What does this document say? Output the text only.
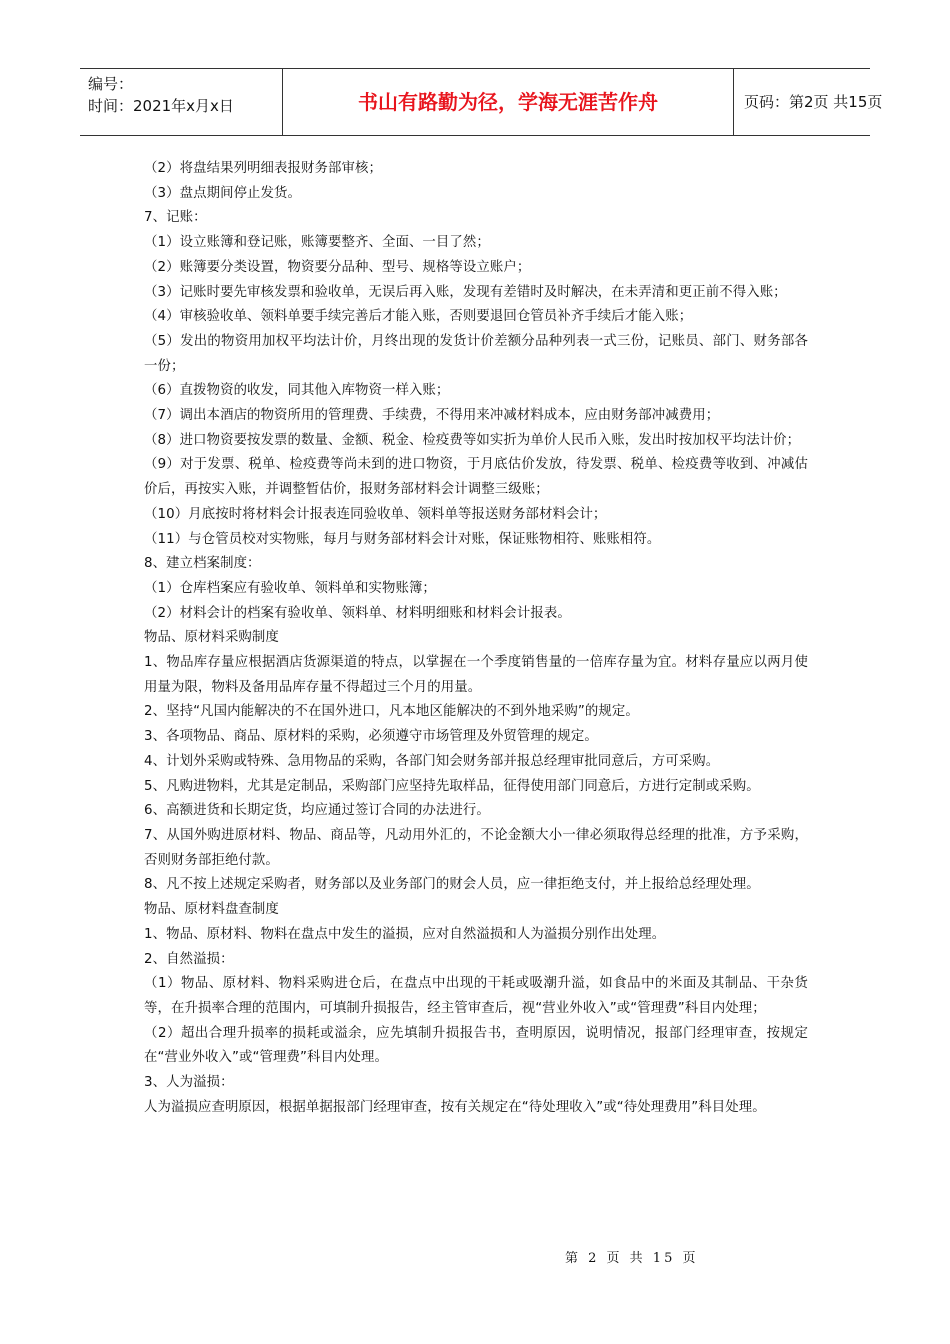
编号：
时间：2021年x月x日	书山有路勤为径，学海无涯苦作舟	页码：第2页 共15页

（2）将盘结果列明细表报财务部审核；

（3）盘点期间停止发货。

7、记账：

（1）设立账簿和登记账，账簿要整齐、全面、一目了然；

（2）账簿要分类设置，物资要分品种、型号、规格等设立账户；

（3）记账时要先审核发票和验收单，无误后再入账，发现有差错时及时解决，在未弄清和更正前不得入账；

（4）审核验收单、领料单要手续完善后才能入账，否则要退回仓管员补齐手续后才能入账；

（5）发出的物资用加权平均法计价，月终出现的发货计价差额分品种列表一式三份，记账员、部门、财务部各一份；

（6）直拨物资的收发，同其他入库物资一样入账；

（7）调出本酒店的物资所用的管理费、手续费，不得用来冲减材料成本，应由财务部冲减费用；

（8）进口物资要按发票的数量、金额、税金、检疫费等如实折为单价人民币入账，发出时按加权平均法计价；

（9）对于发票、税单、检疫费等尚未到的进口物资，于月底估价发放，待发票、税单、检疫费等收到、冲减估价后，再按实入账，并调整暂估价，报财务部材料会计调整三级账；

（10）月底按时将材料会计报表连同验收单、领料单等报送财务部材料会计；

（11）与仓管员校对实物账，每月与财务部材料会计对账，保证账物相符、账账相符。

8、建立档案制度：

（1）仓库档案应有验收单、领料单和实物账簿；

（2）材料会计的档案有验收单、领料单、材料明细账和材料会计报表。

物品、原材料采购制度

1、物品库存量应根据酒店货源渠道的特点，以掌握在一个季度销售量的一倍库存量为宜。材料存量应以两月使用量为限，物料及备用品库存量不得超过三个月的用量。

2、坚持“凡国内能解决的不在国外进口，凡本地区能解决的不到外地采购”的规定。

3、各项物品、商品、原材料的采购，必须遵守市场管理及外贸管理的规定。

4、计划外采购或特殊、急用物品的采购，各部门知会财务部并报总经理审批同意后，方可采购。

5、凡购进物料，尤其是定制品，采购部门应坚持先取样品，征得使用部门同意后，方进行定制或采购。

6、高额进货和长期定货，均应通过签订合同的办法进行。

7、从国外购进原材料、物品、商品等，凡动用外汇的，不论金额大小一律必须取得总经理的批准，方予采购，否则财务部拒绝付款。

8、凡不按上述规定采购者，财务部以及业务部门的财会人员，应一律拒绝支付，并上报给总经理处理。

物品、原材料盘查制度

1、物品、原材料、物料在盘点中发生的溢损，应对自然溢损和人为溢损分别作出处理。

2、自然溢损：

（1）物品、原材料、物料采购进仓后，在盘点中出现的干耗或吸潮升溢，如食品中的米面及其制品、干杂货等，在升损率合理的范围内，可填制升损报告，经主管审查后，视“营业外收入”或“管理费”科目内处理；

（2）超出合理升损率的损耗或溢余，应先填制升损报告书，查明原因，说明情况，报部门经理审查，按规定在“营业外收入”或“管理费”科目内处理。

3、人为溢损：

人为溢损应查明原因，根据单据报部门经理审查，按有关规定在“待处理收入”或“待处理费用”科目处理。

第 2 页 共 15 页
